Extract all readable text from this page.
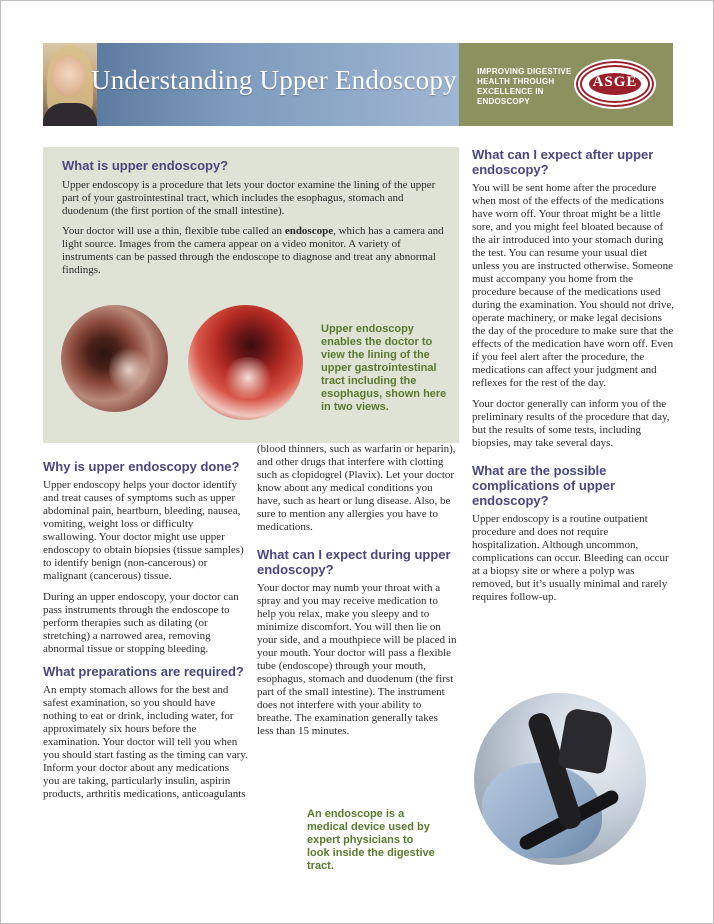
Understanding Upper Endoscopy	IMPROVING DIGESTIVE
HEALTH THROUGH
EXCELLENCE IN
ENDOSCOPY
ASGE
What is upper endoscopy?
Upper endoscopy is a procedure that lets your doctor examine the lining of the upper part of your gastrointestinal tract, which includes the esophagus, stomach and duodenum (the first portion of the small intestine).
Your doctor will use a thin, flexible tube called an endoscope, which has a camera and light source. Images from the camera appear on a video monitor. A variety of instruments can be passed through the endoscope to diagnose and treat any abnormal findings.
Upper endoscopy enables the doctor to view the lining of the upper gastrointestinal tract including the esophagus, shown here in two views.
Why is upper endoscopy done?
Upper endoscopy helps your doctor identify and treat causes of symptoms such as upper abdominal pain, heartburn, bleeding, nausea, vomiting, weight loss or difficulty swallowing. Your doctor might use upper endoscopy to obtain biopsies (tissue samples) to identify benign (non-cancerous) or malignant (cancerous) tissue.
During an upper endoscopy, your doctor can pass instruments through the endoscope to perform therapies such as dilating (or stretching) a narrowed area, removing abnormal tissue or stopping bleeding.
What preparations are required?
An empty stomach allows for the best and safest examination, so you should have nothing to eat or drink, including water, for approximately six hours before the examination. Your doctor will tell you when you should start fasting as the timing can vary. Inform your doctor about any medications you are taking, particularly insulin, aspirin products, arthritis medications, anticoagulants
(blood thinners, such as warfarin or heparin), and other drugs that interfere with clotting such as clopidogrel (Plavix). Let your doctor know about any medical conditions you have, such as heart or lung disease. Also, be sure to mention any allergies you have to medications.
What can I expect during upper endoscopy?
Your doctor may numb your throat with a spray and you may receive medication to help you relax, make you sleepy and to minimize discomfort. You will then lie on your side, and a mouthpiece will be placed in your mouth. Your doctor will pass a flexible tube (endoscope) through your mouth, esophagus, stomach and duodenum (the first part of the small intestine). The instrument does not interfere with your ability to breathe. The examination generally takes less than 15 minutes.
An endoscope is a medical device used by expert physicians to look inside the digestive tract.
What can I expect after upper endoscopy?
You will be sent home after the procedure when most of the effects of the medications have worn off. Your throat might be a little sore, and you might feel bloated because of the air introduced into your stomach during the test. You can resume your usual diet unless you are instructed otherwise. Someone must accompany you home from the procedure because of the medications used during the examination. You should not drive, operate machinery, or make legal decisions the day of the procedure to make sure that the effects of the medication have worn off. Even if you feel alert after the procedure, the medications can affect your judgment and reflexes for the rest of the day.
Your doctor generally can inform you of the preliminary results of the procedure that day, but the results of some tests, including biopsies, may take several days.
What are the possible complications of upper endoscopy?
Upper endoscopy is a routine outpatient procedure and does not require hospitalization. Although uncommon, complications can occur. Bleeding can occur at a biopsy site or where a polyp was removed, but it’s usually minimal and rarely requires follow-up.
